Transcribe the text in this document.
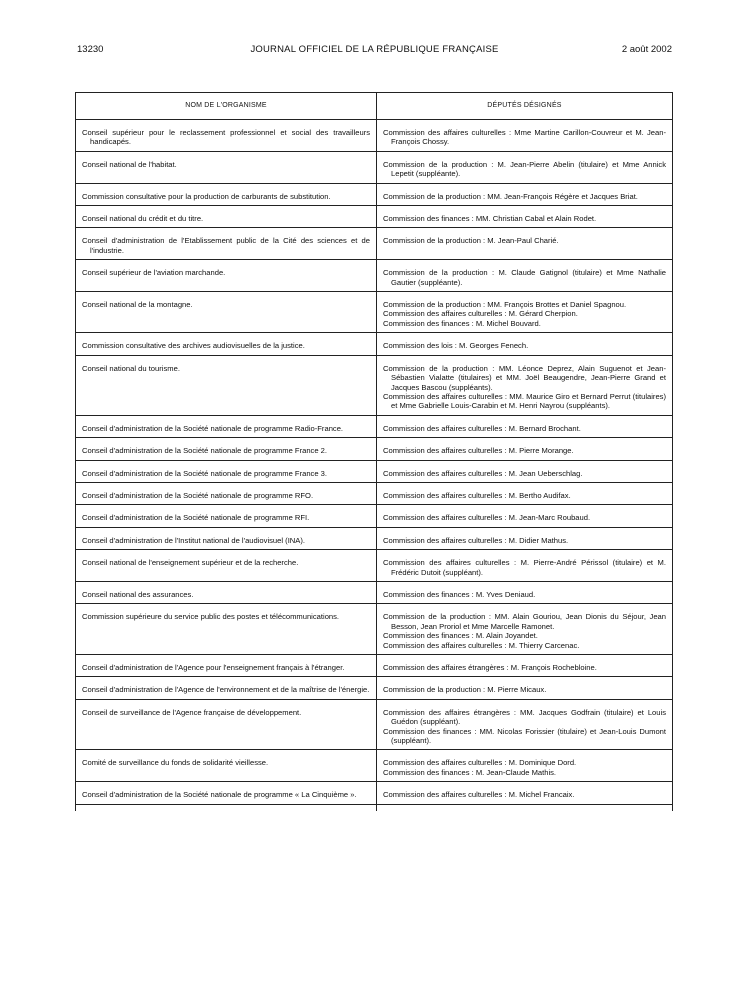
13230	JOURNAL OFFICIEL DE LA RÉPUBLIQUE FRANÇAISE	2 août 2002
NOM DE L'ORGANISME	DÉPUTÉS DÉSIGNÉS

Conseil supérieur pour le reclassement professionnel et social des travailleurs handicapés.	Commission des affaires culturelles : Mme Martine Carillon-Couvreur et M. Jean-François Chossy.

Conseil national de l'habitat.	Commission de la production : M. Jean-Pierre Abelin (titulaire) et Mme Annick Lepetit (suppléante).

Commission consultative pour la production de carburants de substitution.	Commission de la production : MM. Jean-François Régère et Jacques Briat.

Conseil national du crédit et du titre.	Commission des finances : MM. Christian Cabal et Alain Rodet.

Conseil d'administration de l'Etablissement public de la Cité des sciences et de l'industrie.	Commission de la production : M. Jean-Paul Charié.

Conseil supérieur de l'aviation marchande.	Commission de la production : M. Claude Gatignol (titulaire) et Mme Nathalie Gautier (suppléante).

Conseil national de la montagne.	Commission de la production : MM. François Brottes et Daniel Spagnou.
Commission des affaires culturelles : M. Gérard Cherpion.
Commission des finances : M. Michel Bouvard.

Commission consultative des archives audiovisuelles de la justice.	Commission des lois : M. Georges Fenech.

Conseil national du tourisme.	Commission de la production : MM. Léonce Deprez, Alain Suguenot et Jean-Sébastien Vialatte (titulaires) et MM. Joël Beaugendre, Jean-Pierre Grand et Jacques Bascou (suppléants).
Commission des affaires culturelles : MM. Maurice Giro et Bernard Perrut (titulaires) et Mme Gabrielle Louis-Carabin et M. Henri Nayrou (suppléants).

Conseil d'administration de la Société nationale de programme Radio-France.	Commission des affaires culturelles : M. Bernard Brochant.

Conseil d'administration de la Société nationale de programme France 2.	Commission des affaires culturelles : M. Pierre Morange.

Conseil d'administration de la Société nationale de programme France 3.	Commission des affaires culturelles : M. Jean Ueberschlag.

Conseil d'administration de la Société nationale de programme RFO.	Commission des affaires culturelles : M. Bertho Audifax.

Conseil d'administration de la Société nationale de programme RFI.	Commission des affaires culturelles : M. Jean-Marc Roubaud.

Conseil d'administration de l'Institut national de l'audiovisuel (INA).	Commission des affaires culturelles : M. Didier Mathus.

Conseil national de l'enseignement supérieur et de la recherche.	Commission des affaires culturelles : M. Pierre-André Périssol (titulaire) et M. Frédéric Dutoit (suppléant).

Conseil national des assurances.	Commission des finances : M. Yves Deniaud.

Commission supérieure du service public des postes et télécommunications.	Commission de la production : MM. Alain Gouriou, Jean Dionis du Séjour, Jean Besson, Jean Proriol et Mme Marcelle Ramonet.
Commission des finances : M. Alain Joyandet.
Commission des affaires culturelles : M. Thierry Carcenac.

Conseil d'administration de l'Agence pour l'enseignement français à l'étranger.	Commission des affaires étrangères : M. François Rochebloine.

Conseil d'administration de l'Agence de l'environnement et de la maîtrise de l'énergie.	Commission de la production : M. Pierre Micaux.

Conseil de surveillance de l'Agence française de développement.	Commission des affaires étrangères : MM. Jacques Godfrain (titulaire) et Louis Guédon (suppléant).
Commission des finances : MM. Nicolas Forissier (titulaire) et Jean-Louis Dumont (suppléant).

Comité de surveillance du fonds de solidarité vieillesse.	Commission des affaires culturelles : M. Dominique Dord.
Commission des finances : M. Jean-Claude Mathis.

Conseil d'administration de la Société nationale de programme « La Cinquième ».	Commission des affaires culturelles : M. Michel Francaix.
